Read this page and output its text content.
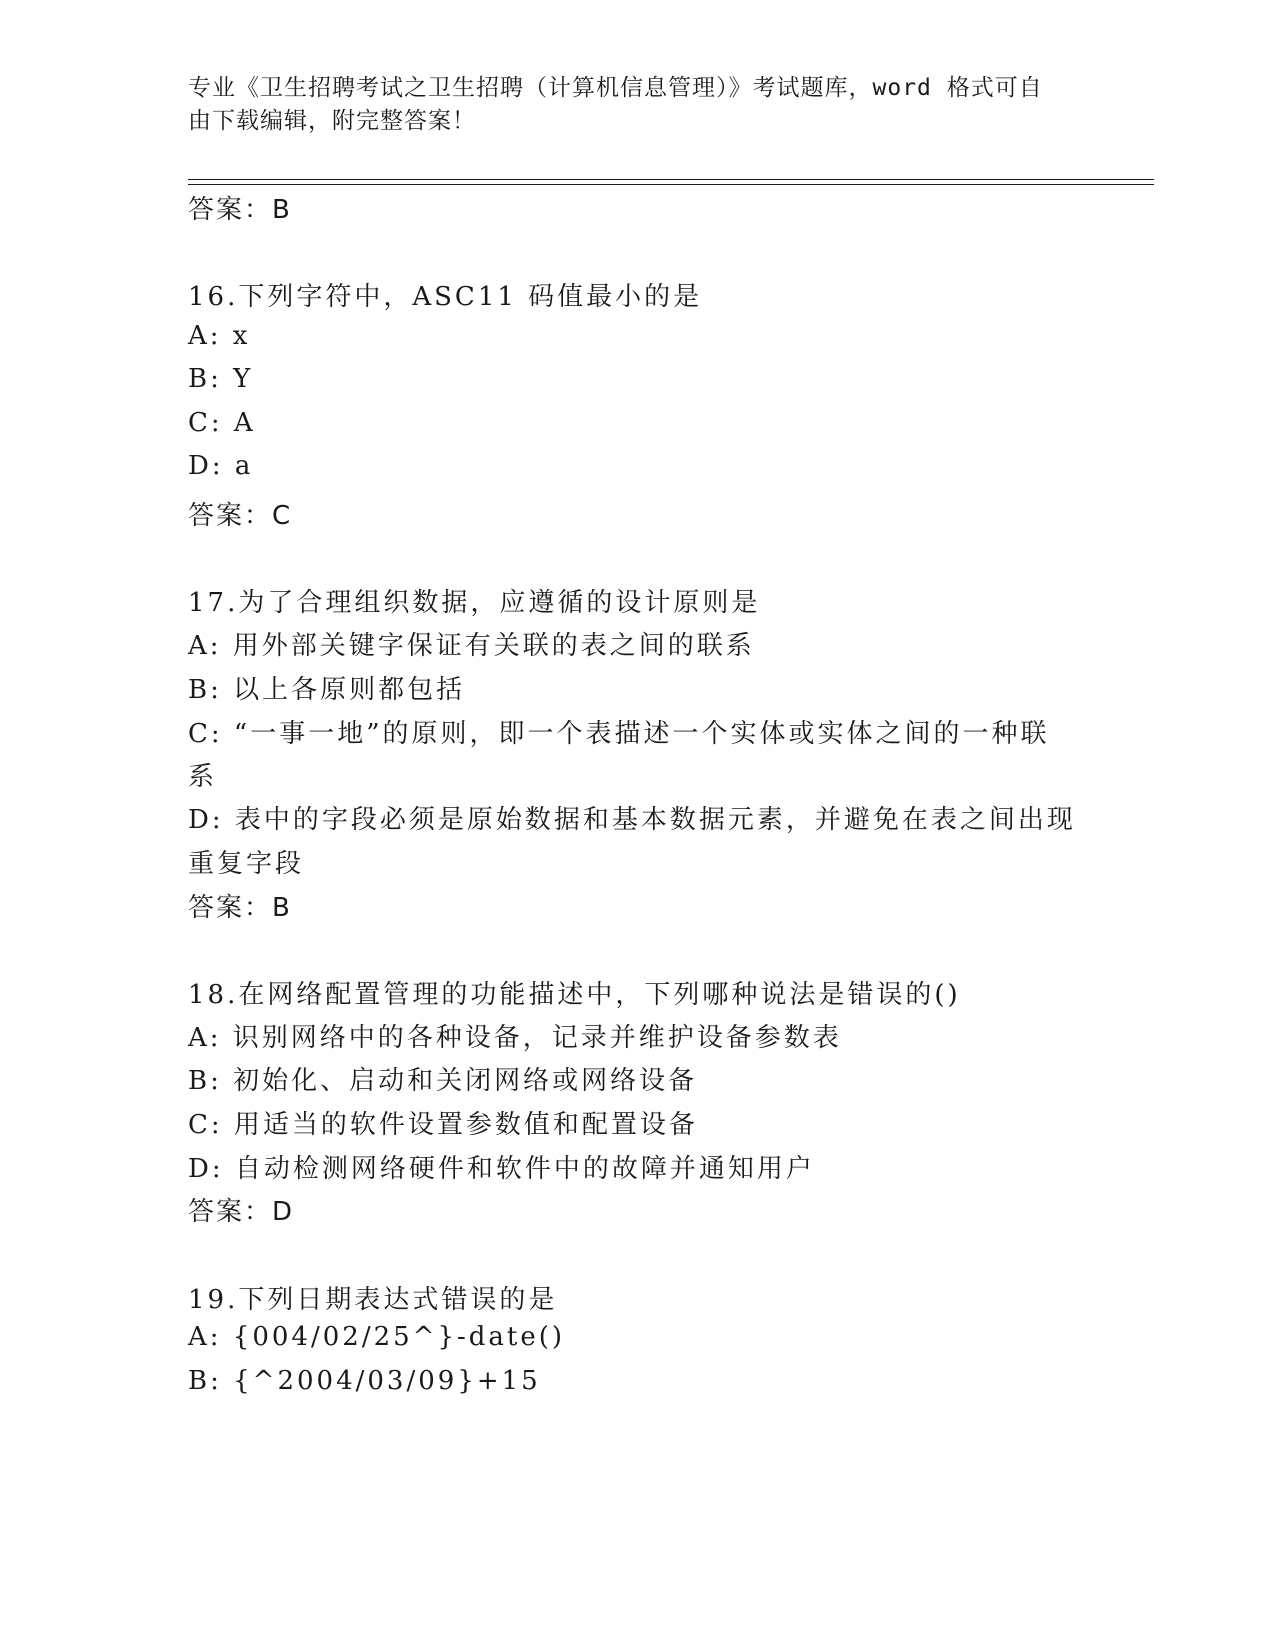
专业《卫生招聘考试之卫生招聘（计算机信息管理）》考试题库，word 格式可自
由下载编辑，附完整答案！

答案：B

16.下列字符中，ASC11 码值最小的是

A: x

B: Y

C: A

D: a

答案：C

17.为了合理组织数据，应遵循的设计原则是

A: 用外部关键字保证有关联的表之间的联系

B: 以上各原则都包括

C: “一事一地”的原则，即一个表描述一个实体或实体之间的一种联

系

D: 表中的字段必须是原始数据和基本数据元素，并避免在表之间出现

重复字段

答案：B

18.在网络配置管理的功能描述中，下列哪种说法是错误的()

A: 识别网络中的各种设备，记录并维护设备参数表

B: 初始化、启动和关闭网络或网络设备

C: 用适当的软件设置参数值和配置设备

D: 自动检测网络硬件和软件中的故障并通知用户

答案：D

19.下列日期表达式错误的是

A: {004/02/25^}-date()

B: {^2004/03/09}+15
